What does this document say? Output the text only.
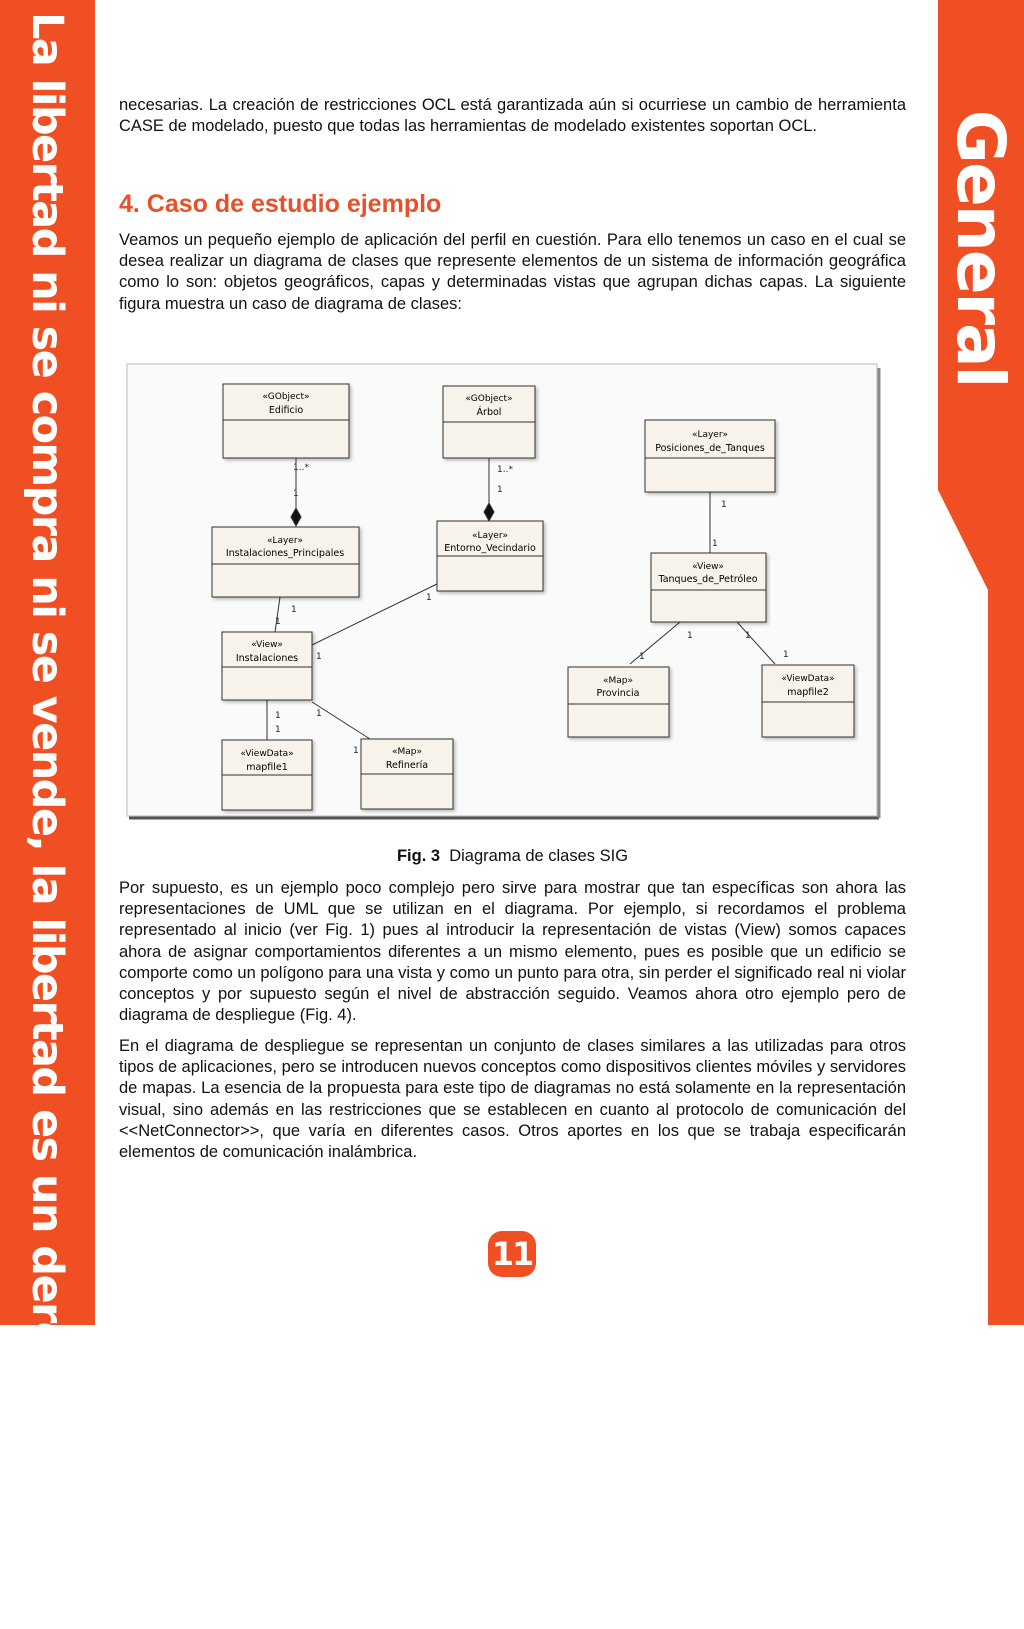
La libertad ni se compra ni se vende, la libertad es un derecho humano	General

necesarias. La creación de restricciones OCL está garantizada aún si ocurriese un cambio de herramienta CASE de modelado, puesto que todas las herramientas de modelado existentes soportan OCL.

4. Caso de estudio ejemplo

Veamos un pequeño ejemplo de aplicación del perfil en cuestión. Para ello tenemos un caso en el cual se desea realizar un diagrama de clases que represente elementos de un sistema de información geográfica como lo son: objetos geográficos, capas y determinadas vistas que agrupan dichas capas. La siguiente figura muestra un caso de diagrama de clases:

1..*
1
1..*
1
1
1
1
1
1
1
1
1
1
1
1
1
1
1
«GObject»
Edificio
«GObject»
Árbol
«Layer»
Posiciones_de_Tanques
«Layer»
Instalaciones_Principales
«Layer»
Entorno_Vecindario
«View»
Tanques_de_Petróleo
«View»
Instalaciones
«Map»
Provincia
«ViewData»
mapfile2
«ViewData»
mapfile1
«Map»
Refinería
Fig. 3 Diagrama de clases SIG

Por supuesto, es un ejemplo poco complejo pero sirve para mostrar que tan específicas son ahora las representaciones de UML que se utilizan en el diagrama. Por ejemplo, si recordamos el problema representado al inicio (ver Fig. 1) pues al introducir la representación de vistas (View) somos capaces ahora de asignar comportamientos diferentes a un mismo elemento, pues es posible que un edificio se comporte como un polígono para una vista y como un punto para otra, sin perder el significado real ni violar conceptos y por supuesto según el nivel de abstracción seguido. Veamos ahora otro ejemplo pero de diagrama de despliegue (Fig. 4).

En el diagrama de despliegue se representan un conjunto de clases similares a las utilizadas para otros tipos de aplicaciones, pero se introducen nuevos conceptos como dispositivos clientes móviles y servidores de mapas. La esencia de la propuesta para este tipo de diagramas no está solamente en la representación visual, sino además en las restricciones que se establecen en cuanto al protocolo de comunicación del <<NetConnector>>, que varía en diferentes casos. Otros aportes en los que se trabaja especificarán elementos de comunicación inalámbrica.

11
